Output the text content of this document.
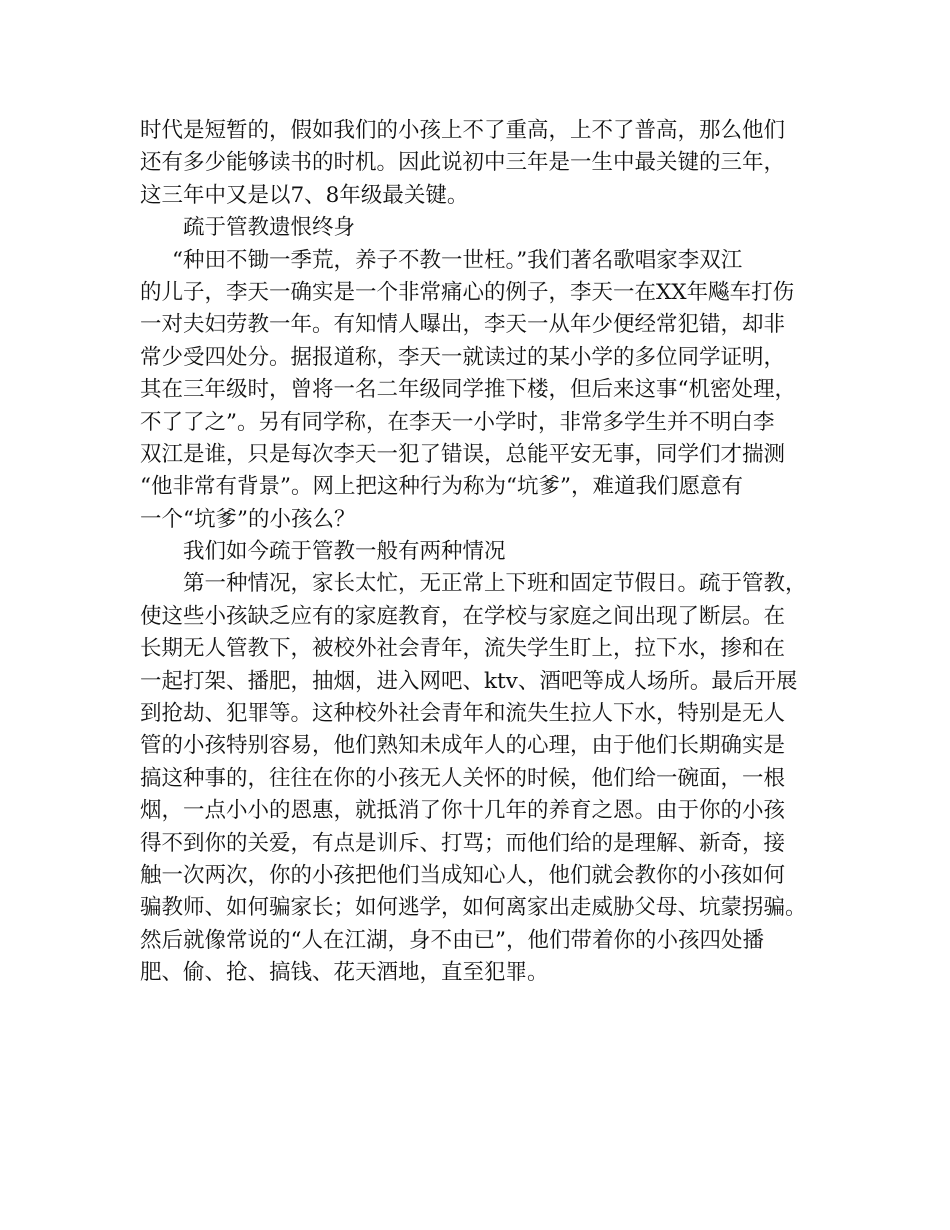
时代是短暂的，假如我们的小孩上不了重高，上不了普高，那么他们
还有多少能够读书的时机。因此说初中三年是一生中最关键的三年，
这三年中又是以7、8年级最关键。
疏于管教遗恨终身
“种田不锄一季荒，养子不教一世枉。”我们著名歌唱家李双江
的儿子，李天一确实是一个非常痛心的例子，李天一在XX年飚车打伤
一对夫妇劳教一年。有知情人曝出，李天一从年少便经常犯错，却非
常少受四处分。据报道称，李天一就读过的某小学的多位同学证明，
其在三年级时，曾将一名二年级同学推下楼，但后来这事“机密处理，
不了了之”。另有同学称，在李天一小学时，非常多学生并不明白李
双江是谁，只是每次李天一犯了错误，总能平安无事，同学们才揣测
“他非常有背景”。网上把这种行为称为“坑爹”，难道我们愿意有
一个“坑爹”的小孩么？
我们如今疏于管教一般有两种情况
第一种情况，家长太忙，无正常上下班和固定节假日。疏于管教，
使这些小孩缺乏应有的家庭教育，在学校与家庭之间出现了断层。在
长期无人管教下，被校外社会青年，流失学生盯上，拉下水，掺和在
一起打架、播肥，抽烟，进入网吧、ktv、酒吧等成人场所。最后开展
到抢劫、犯罪等。这种校外社会青年和流失生拉人下水，特别是无人
管的小孩特别容易，他们熟知未成年人的心理，由于他们长期确实是
搞这种事的，往往在你的小孩无人关怀的时候，他们给一碗面，一根
烟，一点小小的恩惠，就抵消了你十几年的养育之恩。由于你的小孩
得不到你的关爱，有点是训斥、打骂；而他们给的是理解、新奇，接
触一次两次，你的小孩把他们当成知心人，他们就会教你的小孩如何
骗教师、如何骗家长；如何逃学，如何离家出走威胁父母、坑蒙拐骗。
然后就像常说的“人在江湖，身不由已”，他们带着你的小孩四处播
肥、偷、抢、搞钱、花天酒地，直至犯罪。
